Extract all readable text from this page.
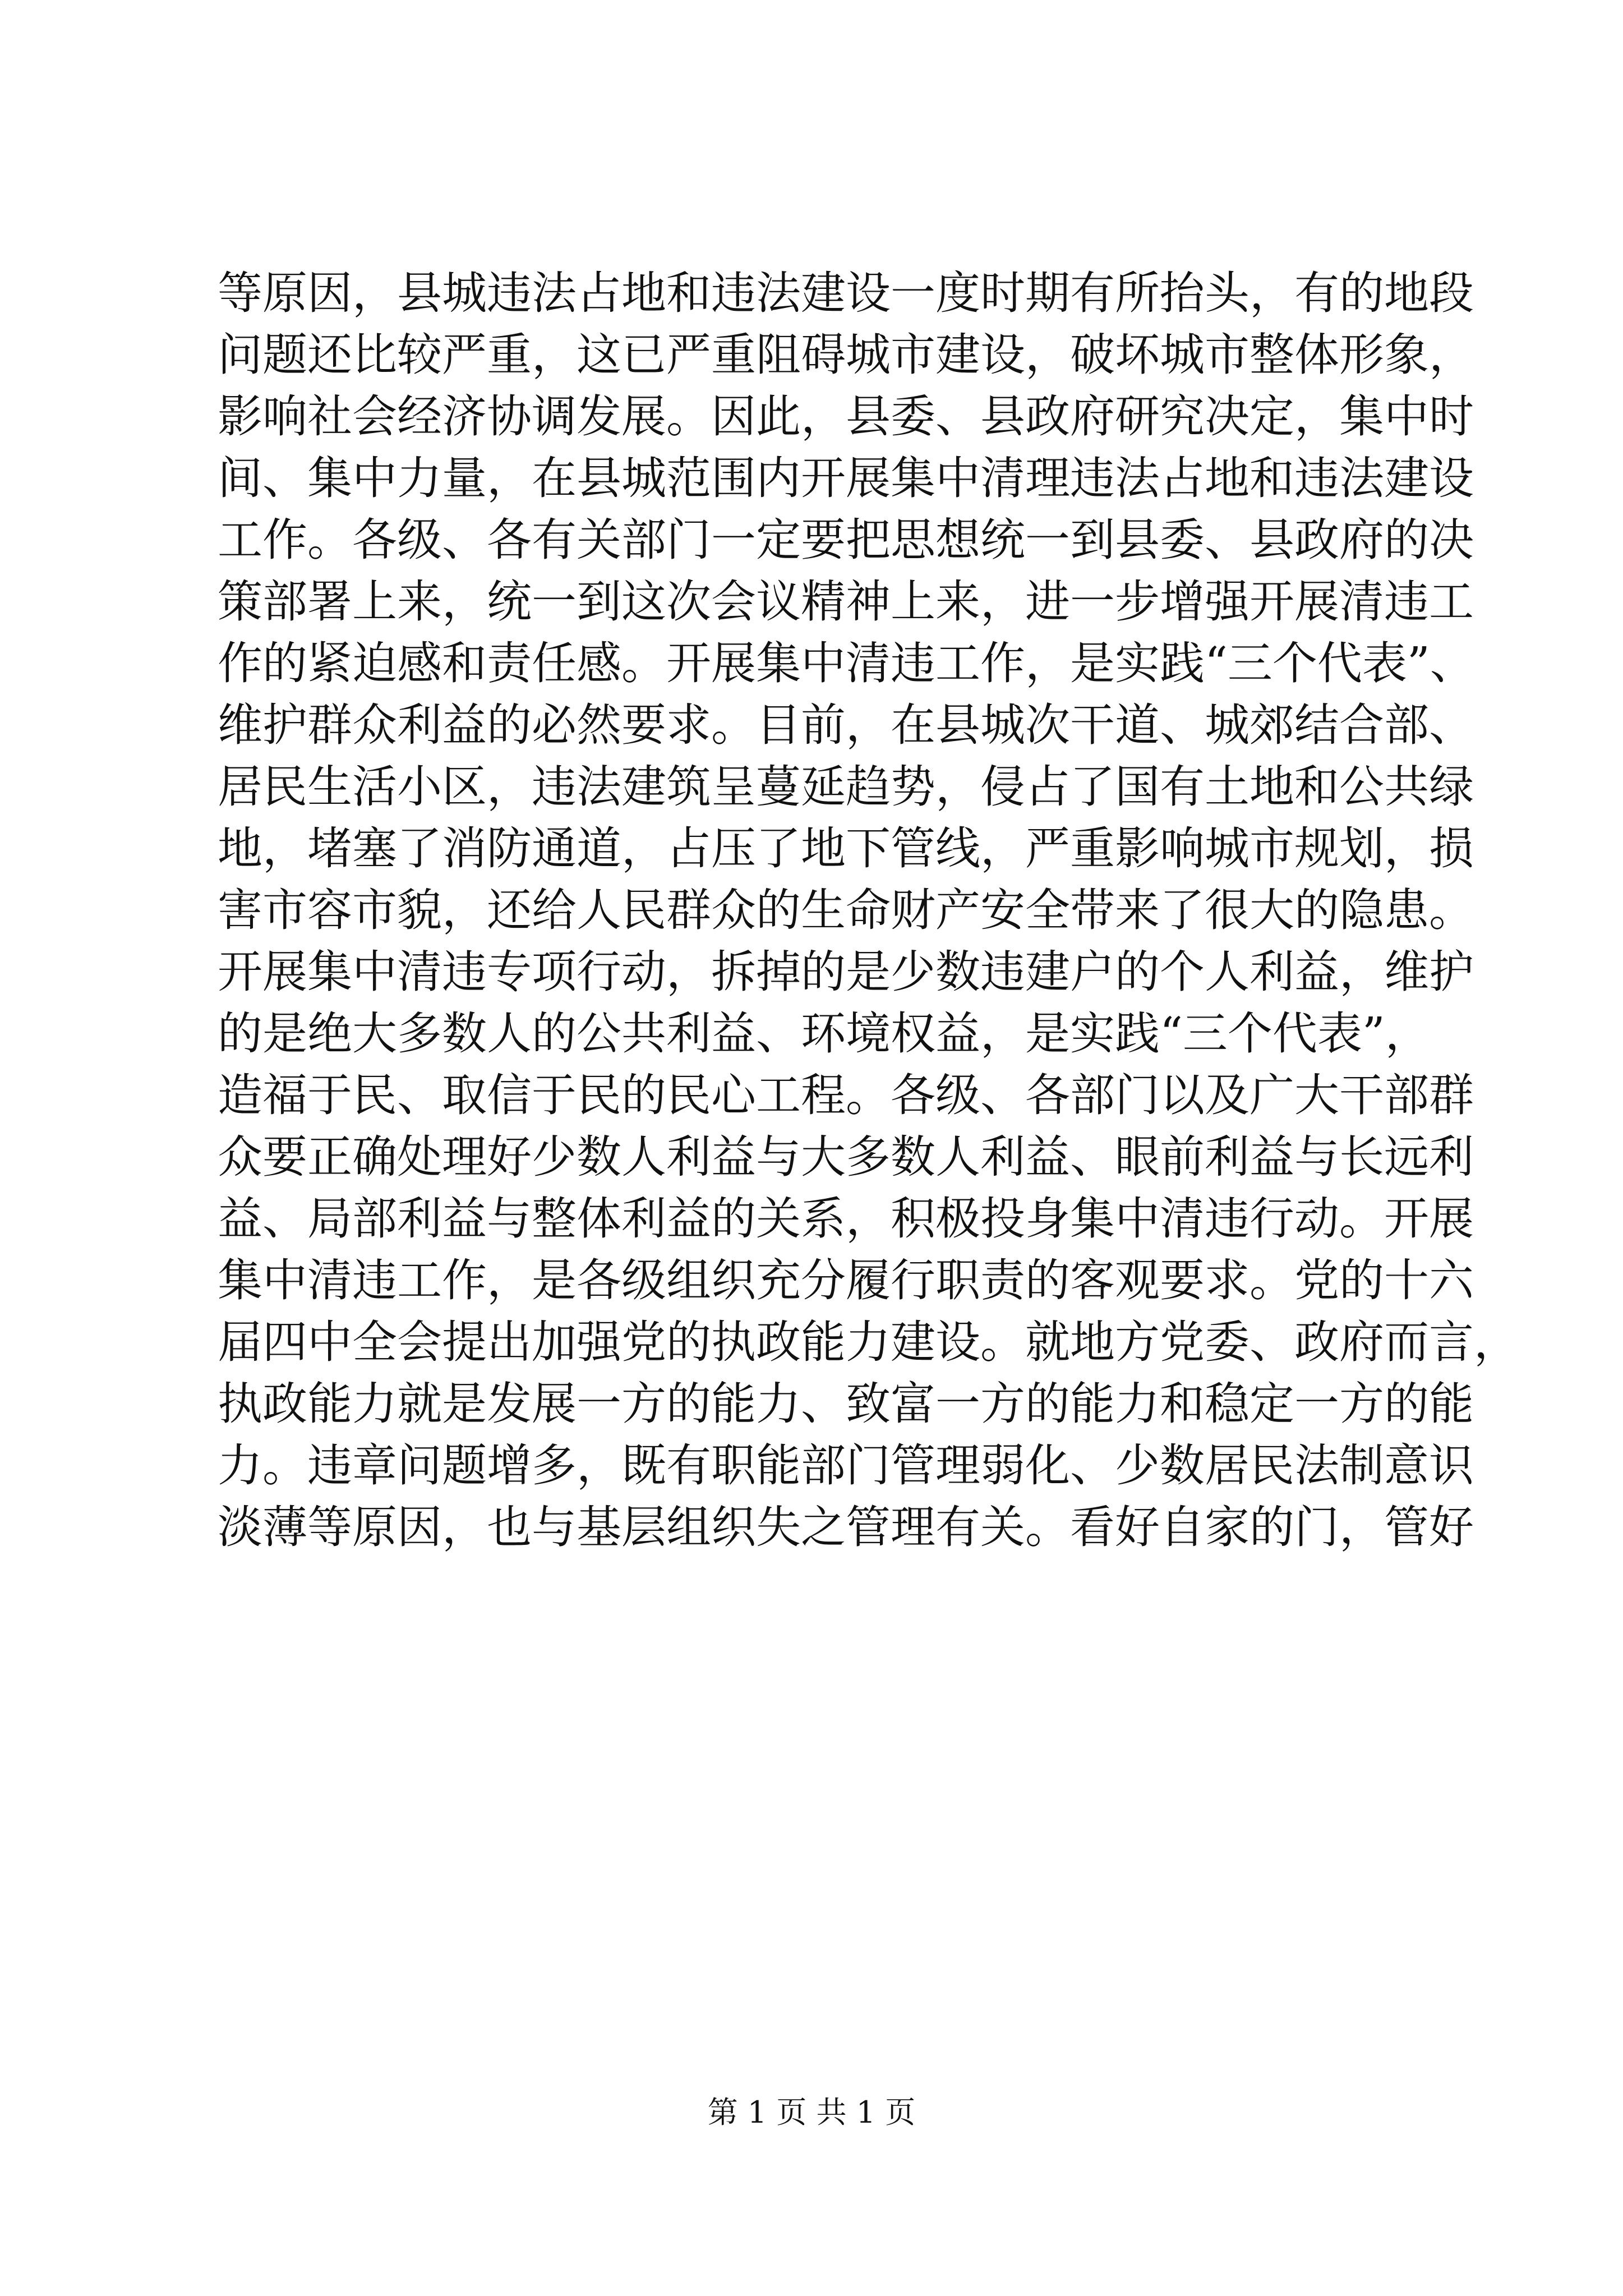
等原因，县城违法占地和违法建设一度时期有所抬头，有的地段
问题还比较严重，这已严重阻碍城市建设，破坏城市整体形象，
影响社会经济协调发展。因此，县委、县政府研究决定，集中时
间、集中力量，在县城范围内开展集中清理违法占地和违法建设
工作。各级、各有关部门一定要把思想统一到县委、县政府的决
策部署上来，统一到这次会议精神上来，进一步增强开展清违工
作的紧迫感和责任感。开展集中清违工作，是实践“三个代表”、
维护群众利益的必然要求。目前，在县城次干道、城郊结合部、
居民生活小区，违法建筑呈蔓延趋势，侵占了国有土地和公共绿
地，堵塞了消防通道，占压了地下管线，严重影响城市规划，损
害市容市貌，还给人民群众的生命财产安全带来了很大的隐患。
开展集中清违专项行动，拆掉的是少数违建户的个人利益，维护
的是绝大多数人的公共利益、环境权益，是实践“三个代表”，
造福于民、取信于民的民心工程。各级、各部门以及广大干部群
众要正确处理好少数人利益与大多数人利益、眼前利益与长远利
益、局部利益与整体利益的关系，积极投身集中清违行动。开展
集中清违工作，是各级组织充分履行职责的客观要求。党的十六
届四中全会提出加强党的执政能力建设。就地方党委、政府而言，
执政能力就是发展一方的能力、致富一方的能力和稳定一方的能
力。违章问题增多，既有职能部门管理弱化、少数居民法制意识
淡薄等原因，也与基层组织失之管理有关。看好自家的门，管好
第 1 页 共 1 页
